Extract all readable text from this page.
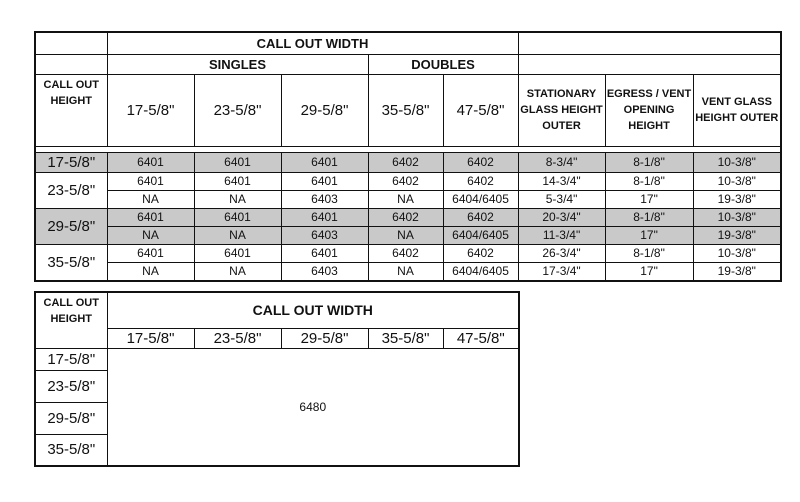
	CALL OUT WIDTH							
	SINGLES			DOUBLES				
CALL OUT HEIGHT	17-5/8"	23-5/8"	29-5/8"	35-5/8"	47-5/8"	STATIONARY GLASS HEIGHT OUTER	EGRESS / VENT OPENING HEIGHT	VENT GLASS HEIGHT OUTER

17-5/8"	6401	6401	6401	6402	6402	8-3/4"	8-1/8"	10-3/8"
23-5/8"	6401	6401	6401	6402	6402	14-3/4"	8-1/8"	10-3/8"
	NA	NA	6403	NA	6404/6405	5-3/4"	17"	19-3/8"
29-5/8"	6401	6401	6401	6402	6402	20-3/4"	8-1/8"	10-3/8"
	NA	NA	6403	NA	6404/6405	11-3/4"	17"	19-3/8"
35-5/8"	6401	6401	6401	6402	6402	26-3/4"	8-1/8"	10-3/8"
	NA	NA	6403	NA	6404/6405	17-3/4"	17"	19-3/8"
CALL OUT HEIGHT	CALL OUT WIDTH				
	17-5/8"	23-5/8"	29-5/8"	35-5/8"	47-5/8"
17-5/8"	6480				
23-5/8"					
29-5/8"					
35-5/8"					
